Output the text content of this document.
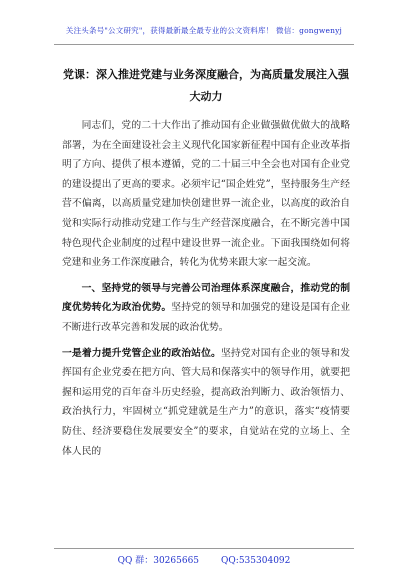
关注头条号"公文研究"，获得最新最全最专业的公文资料库！ 微信：gongwenyj
党课：深入推进党建与业务深度融合，为高质量发展注入强大动力

同志们，党的二十大作出了推动国有企业做强做优做大的战略部署，为在全面建设社会主义现代化国家新征程中国有企业改革指明了方向、提供了根本遵循，党的二十届三中全会也对国有企业党的建设提出了更高的要求。必须牢记“国企姓党”，坚持服务生产经营不偏离，以高质量党建加快创建世界一流企业，以高度的政治自觉和实际行动推动党建工作与生产经营深度融合，在不断完善中国特色现代企业制度的过程中建设世界一流企业。下面我围绕如何将党建和业务工作深度融合，转化为优势来跟大家一起交流。

一、坚持党的领导与完善公司治理体系深度融合，推动党的制度优势转化为政治优势。坚持党的领导和加强党的建设是国有企业不断进行改革完善和发展的政治优势。

一是着力提升党管企业的政治站位。坚持党对国有企业的领导和发挥国有企业党委在把方向、管大局和保落实中的领导作用，就要把握和运用党的百年奋斗历史经验，提高政治判断力、政治领悟力、政治执行力，牢固树立“抓党建就是生产力”的意识，落实“疫情要防住、经济要稳住发展要安全”的要求，自觉站在党的立场上、全体人民的

QQ 群：30265665 QQ:535304092
